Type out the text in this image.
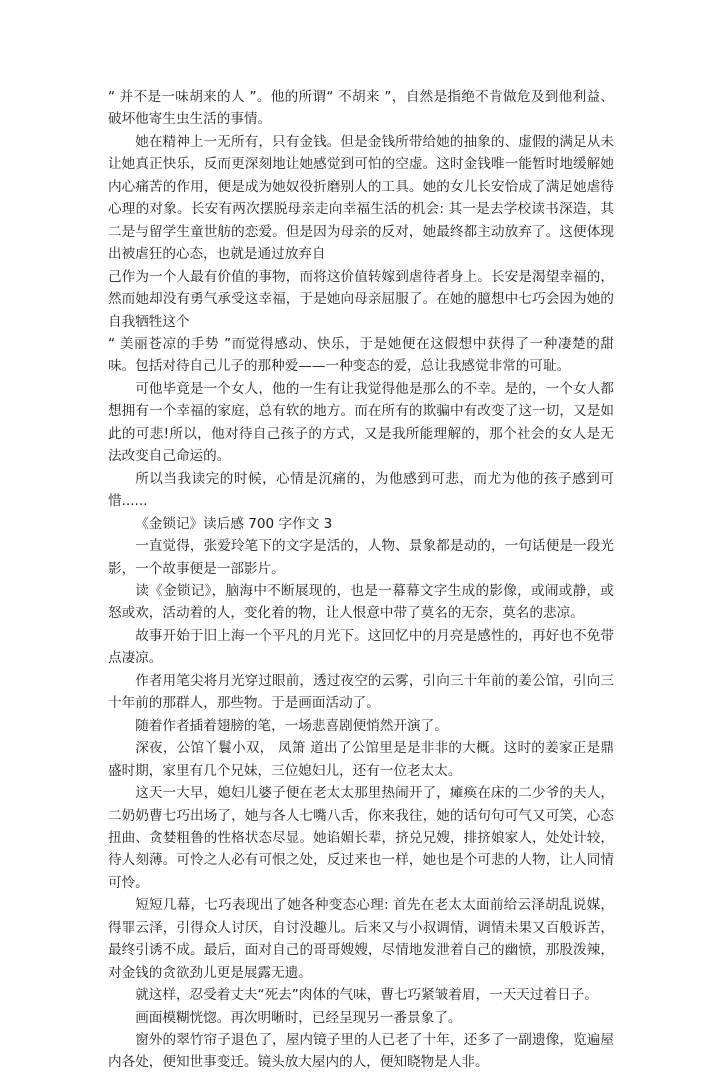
“ 并不是一味胡来的人 ”。他的所谓“ 不胡来 ”，自然是指绝不肯做危及到他利益、破坏他寄生虫生活的事情。

她在精神上一无所有，只有金钱。但是金钱所带给她的抽象的、虚假的满足从未让她真正快乐，反而更深刻地让她感觉到可怕的空虚。这时金钱唯一能暂时地缓解她内心痛苦的作用，便是成为她奴役折磨别人的工具。她的女儿长安恰成了满足她虐待心理的对象。长安有两次摆脱母亲走向幸福生活的机会: 其一是去学校读书深造，其二是与留学生童世舫的恋爱。但是因为母亲的反对，她最终都主动放弃了。这便体现出被虐狂的心态，也就是通过放弃自

己作为一个人最有价值的事物，而将这价值转嫁到虐待者身上。长安是渴望幸福的，然而她却没有勇气承受这幸福，于是她向母亲屈服了。在她的臆想中七巧会因为她的自我牺牲这个

“ 美丽苍凉的手势 ”而觉得感动、快乐，于是她便在这假想中获得了一种凄楚的甜味。包括对待自己儿子的那种爱——一种变态的爱，总让我感觉非常的可耻。

可他毕竟是一个女人，他的一生有让我觉得他是那么的不幸。是的，一个女人都想拥有一个幸福的家庭，总有软的地方。而在所有的欺骗中有改变了这一切，又是如此的可悲!所以，他对待自己孩子的方式，又是我所能理解的，那个社会的女人是无法改变自己命运的。

所以当我读完的时候，心情是沉痛的，为他感到可悲，而尤为他的孩子感到可惜......

《金锁记》读后感 700 字作文 3

一直觉得，张爱玲笔下的文字是活的，人物、景象都是动的，一句话便是一段光影，一个故事便是一部影片。

读《金锁记》，脑海中不断展现的，也是一幕幕文字生成的影像，或闹或静，或怒或欢，活动着的人，变化着的物，让人恨意中带了莫名的无奈，莫名的悲凉。

故事开始于旧上海一个平凡的月光下。这回忆中的月亮是感性的，再好也不免带点凄凉。

作者用笔尖将月光穿过眼前，透过夜空的云雾，引向三十年前的姜公馆，引向三十年前的那群人，那些物。于是画面活动了。

随着作者插着翅膀的笔，一场悲喜剧便悄然开演了。

深夜，公馆丫鬟小双， 凤箫 道出了公馆里是是非非的大概。这时的姜家正是鼎盛时期，家里有几个兄妹，三位媳妇儿，还有一位老太太。

这天一大早，媳妇儿婆子便在老太太那里热闹开了，瘫痪在床的二少爷的夫人，二奶奶曹七巧出场了，她与各人七嘴八舌，你来我往，她的话句句可气又可笑，心态扭曲、贪婪粗鲁的性格状态尽显。她谄媚长辈，挤兑兄嫂，排挤娘家人，处处计较，待人刻薄。可怜之人必有可恨之处，反过来也一样，她也是个可悲的人物，让人同情可怜。

短短几幕，七巧表现出了她各种变态心理: 首先在老太太面前给云泽胡乱说媒，得罪云泽，引得众人讨厌，自讨没趣儿。后来又与小叔调情，调情未果又百般诉苦，最终引诱不成。最后，面对自己的哥哥嫂嫂，尽情地发泄着自己的幽愤，那股泼辣，对金钱的贪欲劲儿更是展露无遗。

就这样，忍受着丈夫“死去”肉体的气味，曹七巧紧皱着眉，一天天过着日子。

画面模糊恍惚。再次明晰时，已经呈现另一番景象了。

窗外的翠竹帘子退色了，屋内镜子里的人已老了十年，还多了一副遗像，览遍屋内各处，便知世事变迁。镜头放大屋内的人，便知晓物是人非。
